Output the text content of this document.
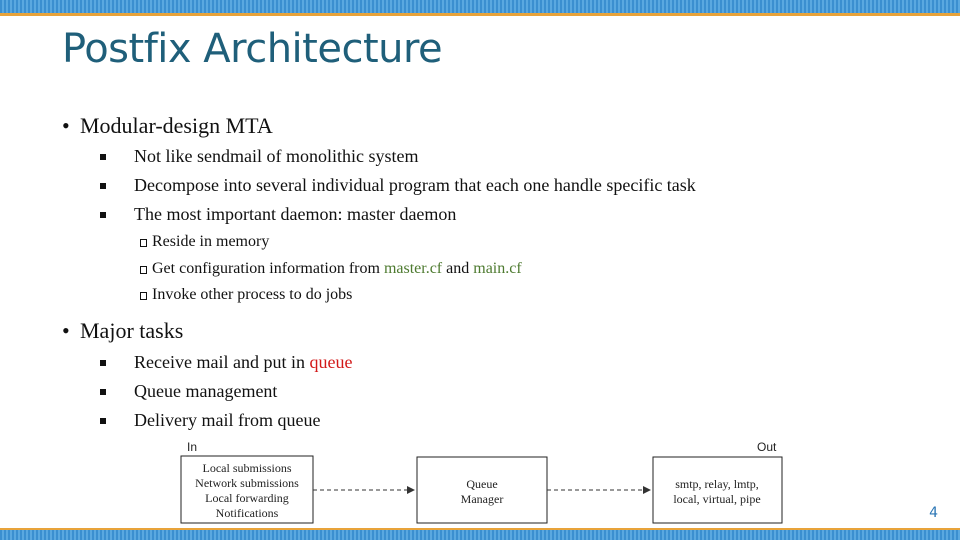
Postfix Architecture
• Modular-design MTA
Not like sendmail of monolithic system
Decompose into several individual program that each one handle specific task
The most important daemon: master daemon
Reside in memory
Get configuration information from master.cf and main.cf
Invoke other process to do jobs
• Major tasks
Receive mail and put in queue
Queue management
Delivery mail from queue
In	Out
Local submissions
Network submissions
Local forwarding
Notifications
Queue
Manager
smtp, relay, lmtp,
local, virtual, pipe
4
